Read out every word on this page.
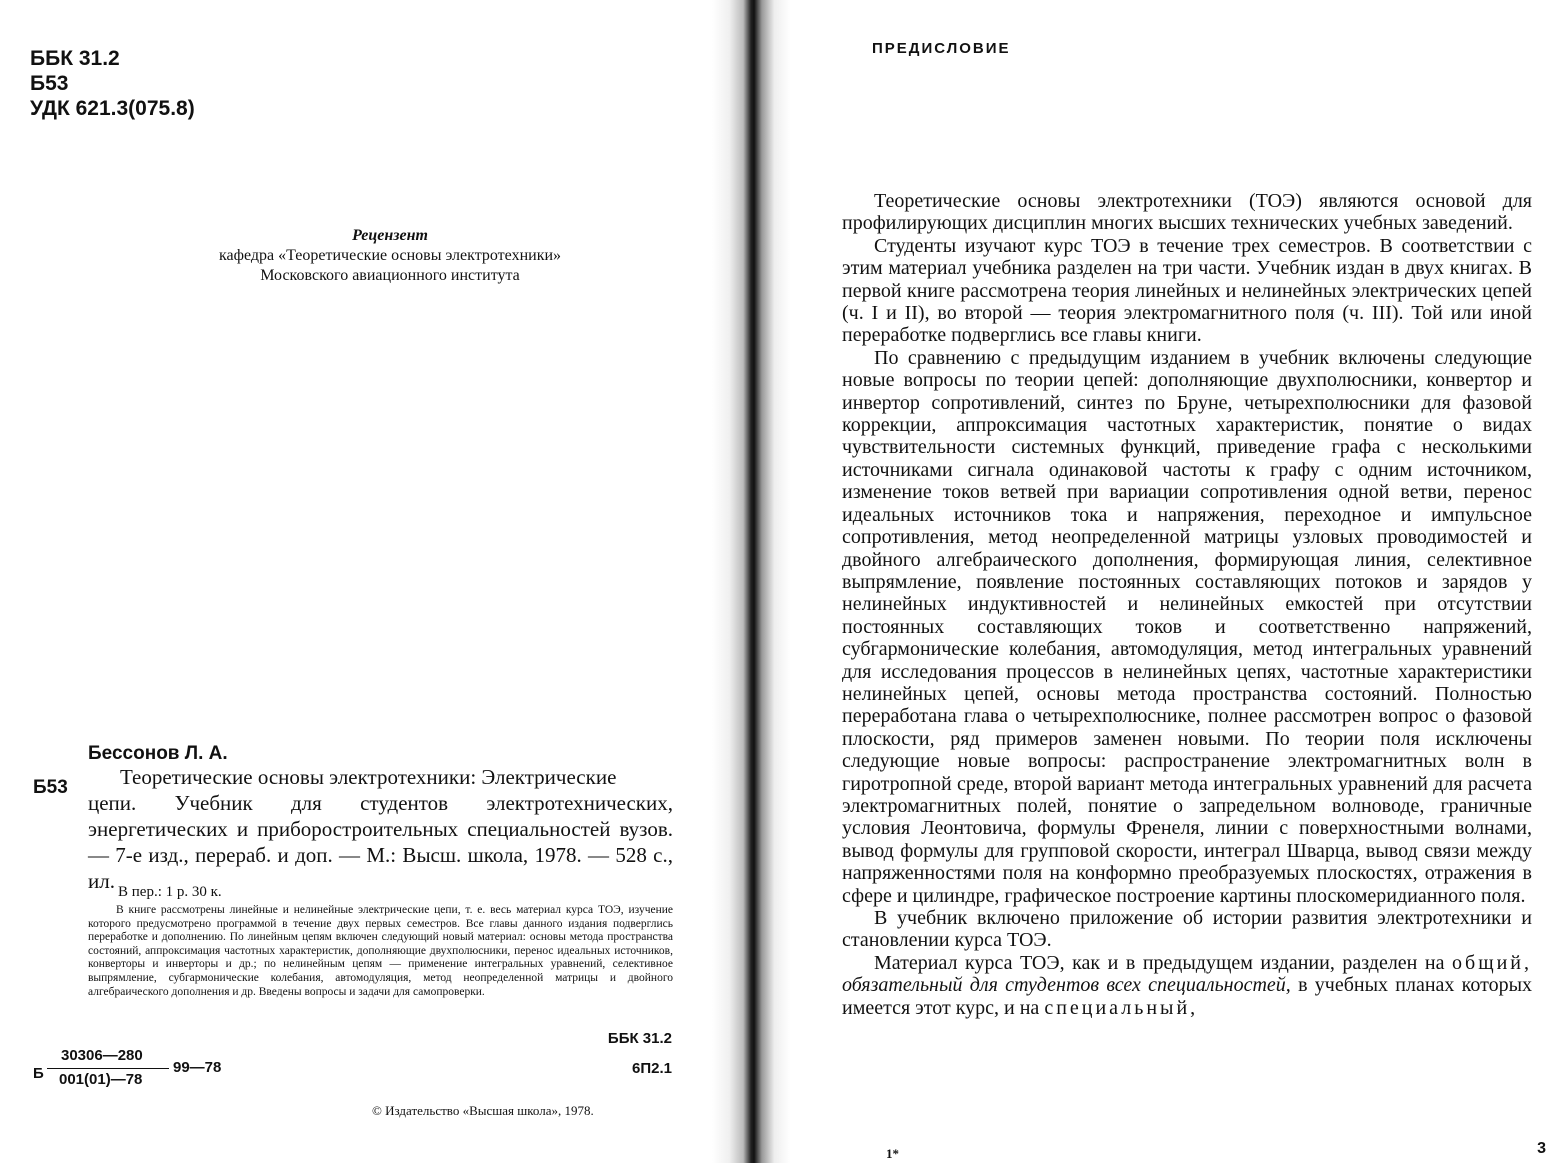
ББК 31.2
Б53
УДК 621.3(075.8)
Рецензент
кафедра «Теоретические основы электротехники»
Московского авиационного института
Бессонов Л. А.
Б53	Теоретические основы электротехники: Электрические
цепи. Учебник для студентов электротехнических, энергетических и приборостроительных специальностей вузов. — 7-е изд., перераб. и доп. — М.: Высш. школа, 1978. — 528 с., ил. В пер.: 1 р. 30 к.

В книге рассмотрены линейные и нелинейные электрические цепи, т. е. весь материал курса ТОЭ, изучение которого предусмотрено программой в течение двух первых семестров. Все главы данного издания подверглись переработке и дополнению. По линейным цепям включен следующий новый материал: основы метода пространства состояний, аппроксимация частотных характеристик, дополняющие двухполюсники, перенос идеальных источников, конверторы и инверторы и др.; по нелинейным цепям — применение интегральных уравнений, селективное выпрямление, субгармонические колебания, автомодуляция, метод неопределенной матрицы и двойного алгебраического дополнения и др. Введены вопросы и задачи для самопроверки.

ББК 31.2
6П2.1
Б
30306—280
001(01)—78
99—78
© Издательство «Высшая школа», 1978.
ПРЕДИСЛОВИЕ

Теоретические основы электротехники (ТОЭ) являются основой для профилирующих дисциплин многих высших технических учебных заведений.

Студенты изучают курс ТОЭ в течение трех семестров. В соответствии с этим материал учебника разделен на три части. Учебник издан в двух книгах. В первой книге рассмотрена теория линейных и нелинейных электрических цепей (ч. I и II), во второй — теория электромагнитного поля (ч. III). Той или иной переработке подверглись все главы книги.

По сравнению с предыдущим изданием в учебник включены следующие новые вопросы по теории цепей: дополняющие двухполюсники, конвертор и инвертор сопротивлений, синтез по Бруне, четырехполюсники для фазовой коррекции, аппроксимация частотных характеристик, понятие о видах чувствительности системных функций, приведение графа с несколькими источниками сигнала одинаковой частоты к графу с одним источником, изменение токов ветвей при вариации сопротивления одной ветви, перенос идеальных источников тока и напряжения, переходное и импульсное сопротивления, метод неопределенной матрицы узловых проводимостей и двойного алгебраического дополнения, формирующая линия, селективное выпрямление, появление постоянных составляющих потоков и зарядов у нелинейных индуктивностей и нелинейных емкостей при отсутствии постоянных составляющих токов и соответственно напряжений, субгармонические колебания, автомодуляция, метод интегральных уравнений для исследования процессов в нелинейных цепях, частотные характеристики нелинейных цепей, основы метода пространства состояний. Полностью переработана глава о четырехполюснике, полнее рассмотрен вопрос о фазовой плоскости, ряд примеров заменен новыми. По теории поля исключены следующие новые вопросы: распространение электромагнитных волн в гиротропной среде, второй вариант метода интегральных уравнений для расчета электромагнитных полей, понятие о запредельном волноводе, граничные условия Леонтовича, формулы Френеля, линии с поверхностными волнами, вывод формулы для групповой скорости, интеграл Шварца, вывод связи между напряженностями поля на конформно преобразуемых плоскостях, отражения в сфере и цилиндре, графическое построение картины плоскомеридианного поля.

В учебник включено приложение об истории развития электротехники и становлении курса ТОЭ.

Материал курса ТОЭ, как и в предыдущем издании, разделен на общий, обязательный для студентов всех специальностей, в учебных планах которых имеется этот курс, и на специальный,

1*	3
